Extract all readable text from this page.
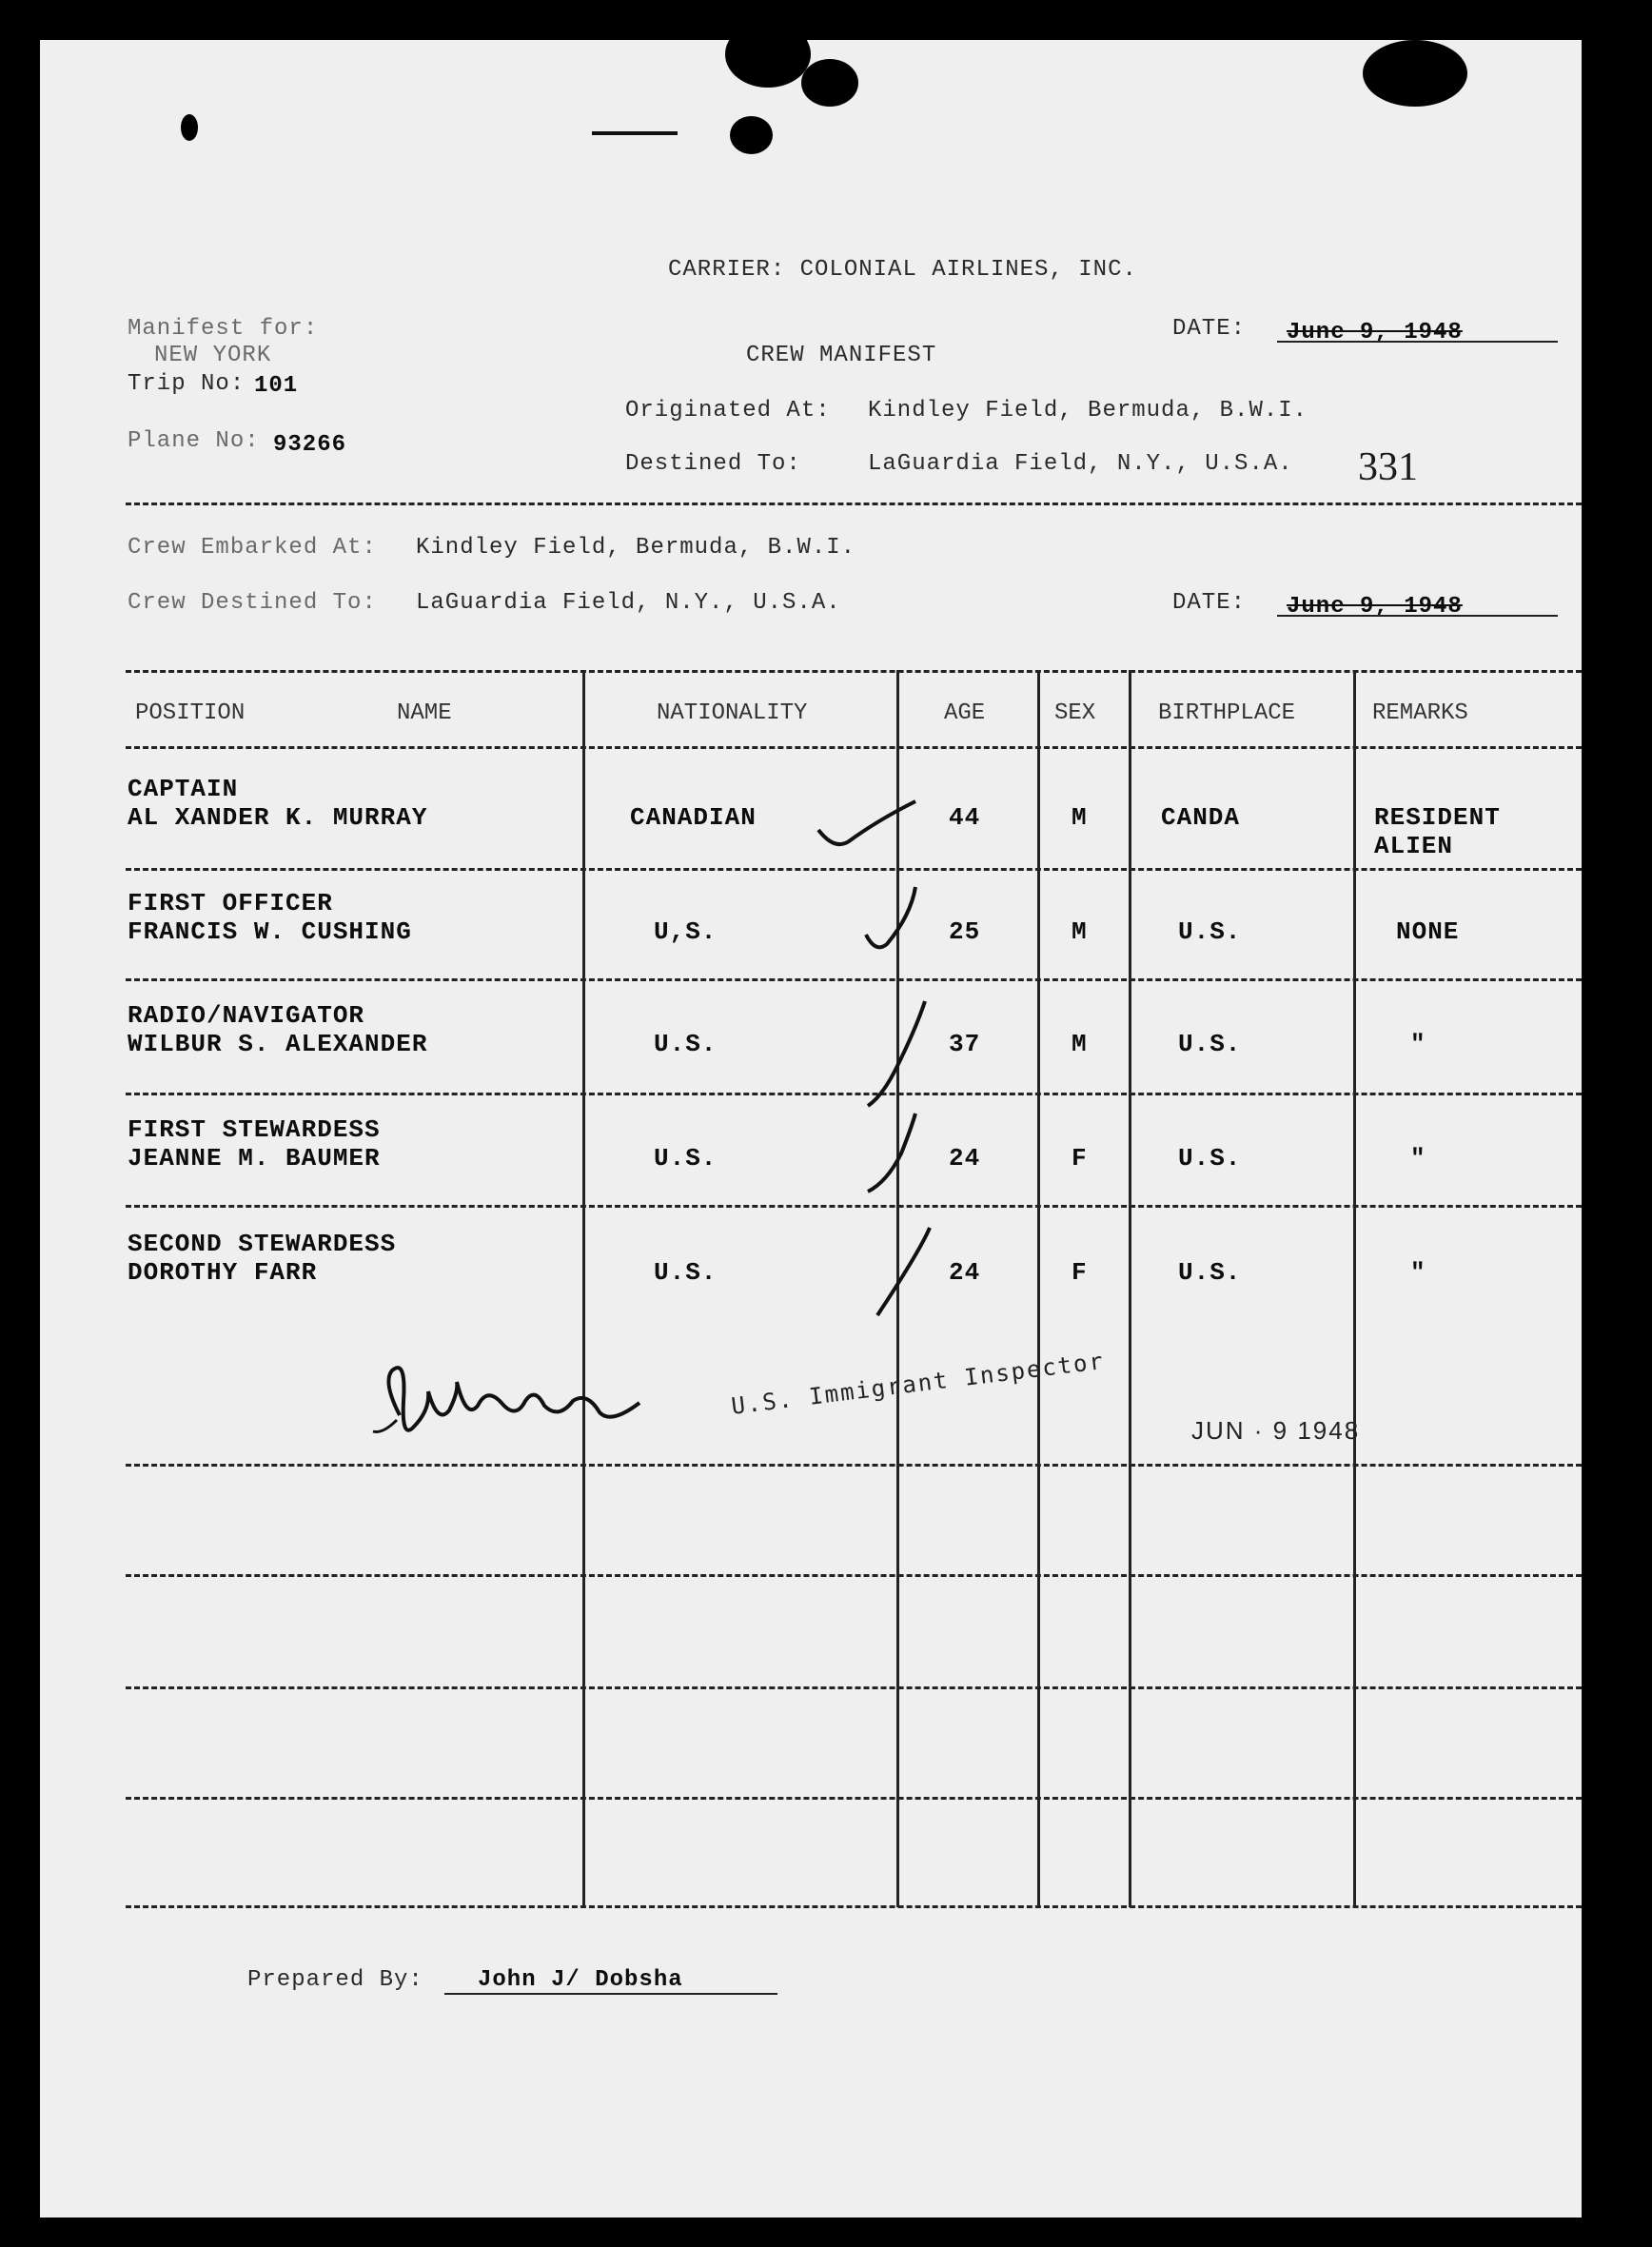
CARRIER: COLONIAL AIRLINES, INC.
Manifest for:
NEW YORK
Trip No: 101
Plane No: 93266
DATE: June 9, 1948
CREW MANIFEST
Originated At: Kindley Field, Bermuda, B.W.I.
Destined To:	LaGuardia Field, N.Y., U.S.A. 331
Crew Embarked At: Kindley Field, Bermuda, B.W.I.
Crew Destined To: LaGuardia Field, N.Y., U.S.A.	DATE: June 9, 1948
POSITION	NAME	NATIONALITY	AGE	SEX	BIRTHPLACE	REMARKS
CAPTAIN
AL XANDER K. MURRAY	CANADIAN	44	M	CANDA	RESIDENT
ALIEN
FIRST OFFICER
FRANCIS W. CUSHING	U,S.	25	M	U.S.	NONE
RADIO/NAVIGATOR
WILBUR S. ALEXANDER	U.S.	37	M	U.S.	"
FIRST STEWARDESS
JEANNE M. BAUMER	U.S.	24	F	U.S.	"
SECOND STEWARDESS
DOROTHY FARR	U.S.	24	F	U.S.	"
U.S. Immigrant Inspector
JUN · 9 1948
Prepared By: John J/ Dobsha
